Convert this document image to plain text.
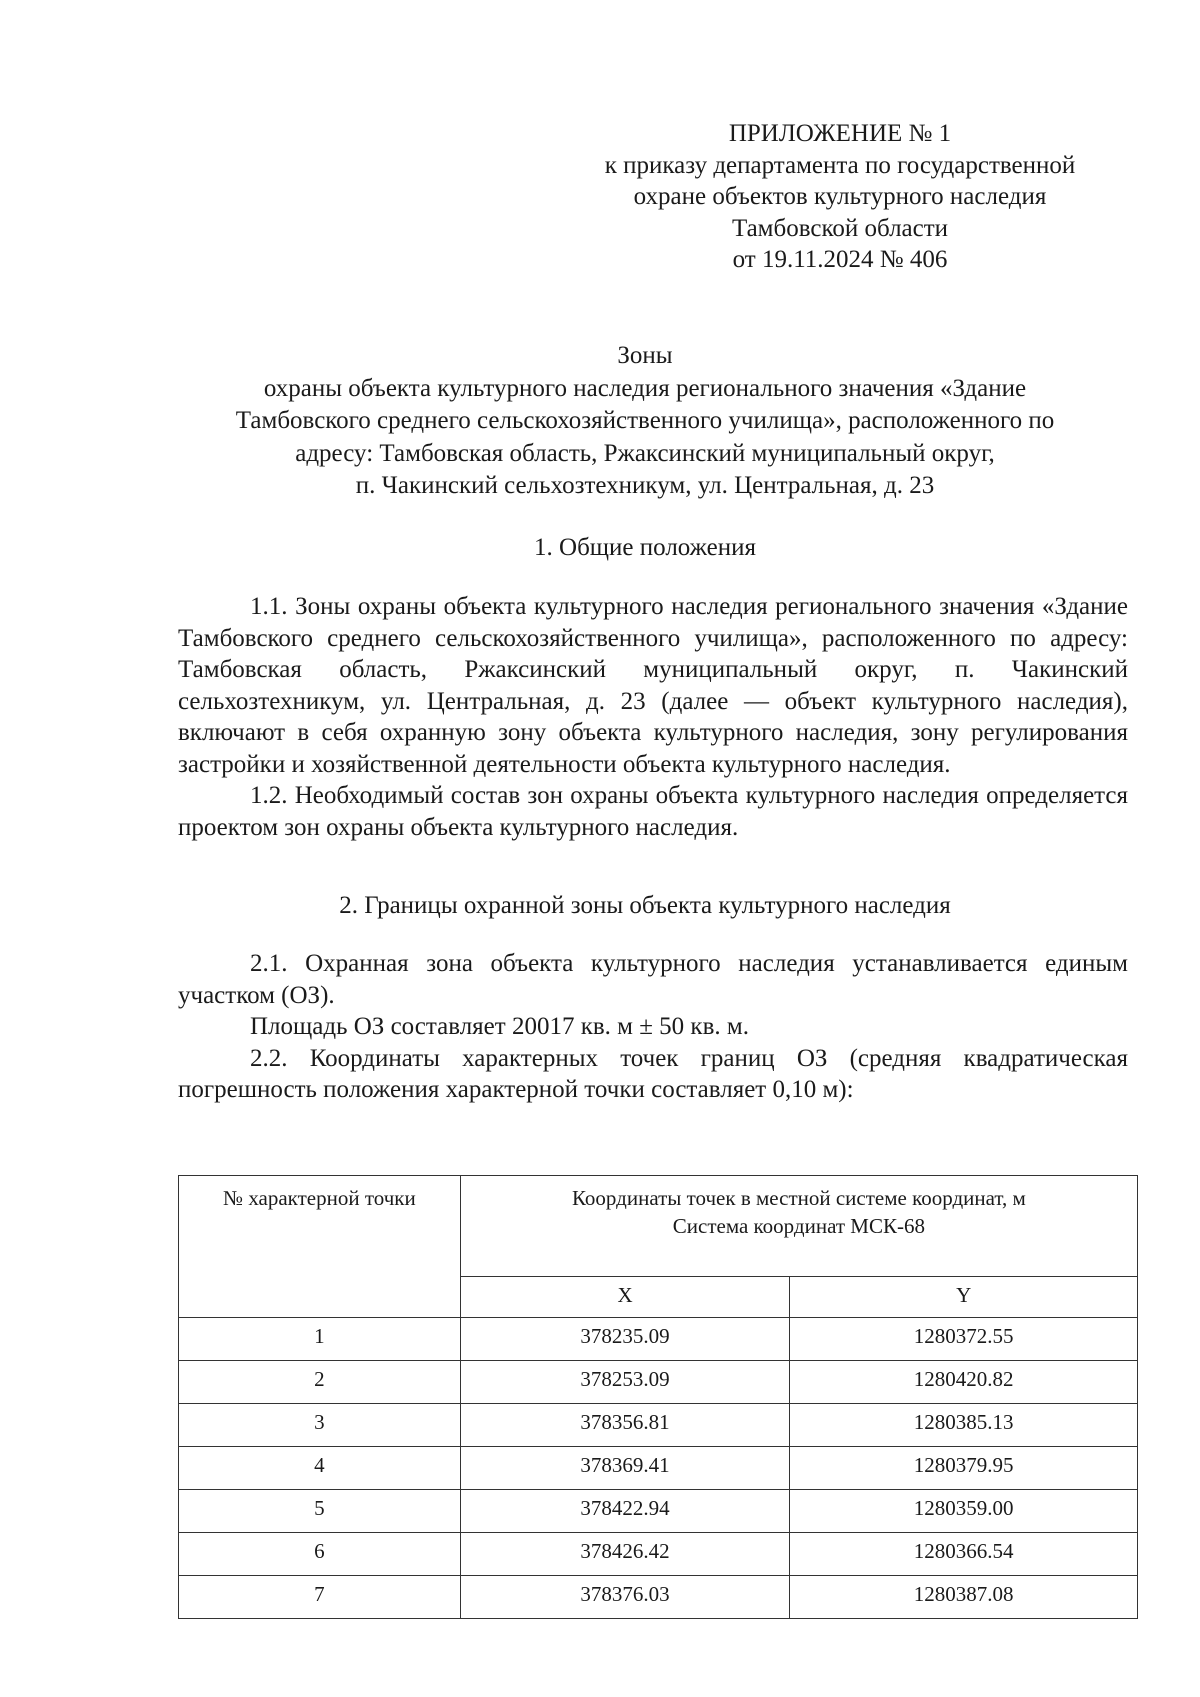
ПРИЛОЖЕНИЕ № 1
к приказу департамента по государственной
охране объектов культурного наследия
Тамбовской области
от 19.11.2024 № 406
Зоны
охраны объекта культурного наследия регионального значения «Здание
Тамбовского среднего сельскохозяйственного училища», расположенного по
адресу: Тамбовская область, Ржаксинский муниципальный округ,
п. Чакинский сельхозтехникум, ул. Центральная, д. 23
1. Общие положения

1.1. Зоны охраны объекта культурного наследия регионального значения «Здание Тамбовского среднего сельскохозяйственного училища», расположенного по адресу: Тамбовская область, Ржаксинский муниципальный округ, п. Чакинский сельхозтехникум, ул. Центральная, д. 23 (далее — объект культурного наследия), включают в себя охранную зону объекта культурного наследия, зону регулирования застройки и хозяйственной деятельности объекта культурного наследия.

1.2. Необходимый состав зон охраны объекта культурного наследия определяется проектом зон охраны объекта культурного наследия.

2. Границы охранной зоны объекта культурного наследия

2.1. Охранная зона объекта культурного наследия устанавливается единым участком (ОЗ).

Площадь ОЗ составляет 20017 кв. м ± 50 кв. м.

2.2. Координаты характерных точек границ ОЗ (средняя квадратическая погрешность положения характерной точки составляет 0,10 м):

№ характерной точки	Координаты точек в местной системе координат, м
Система координат МСК-68	

	X	Y
1	378235.09	1280372.55
2	378253.09	1280420.82
3	378356.81	1280385.13
4	378369.41	1280379.95
5	378422.94	1280359.00
6	378426.42	1280366.54
7	378376.03	1280387.08
